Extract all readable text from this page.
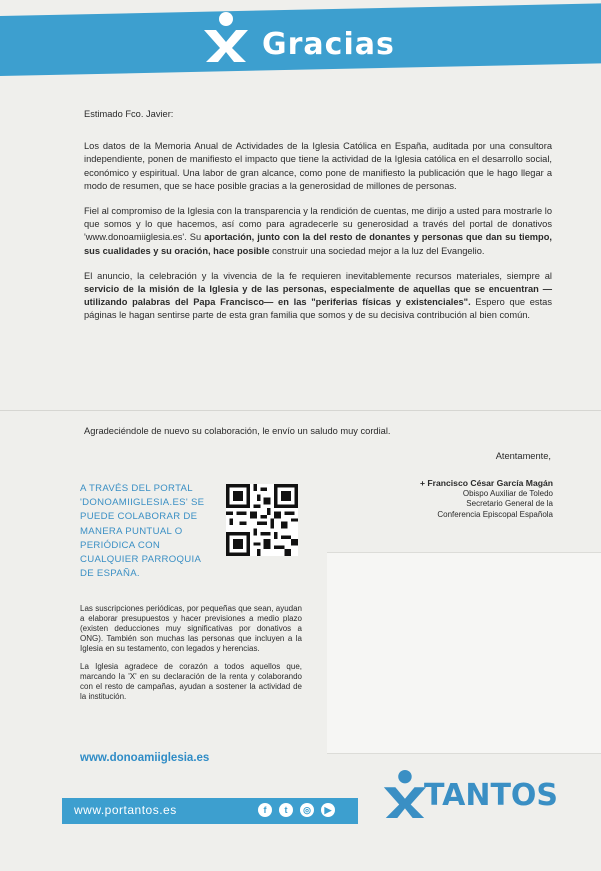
Gracias

Estimado Fco. Javier:

Los datos de la Memoria Anual de Actividades de la Iglesia Católica en España, auditada por una consultora independiente, ponen de manifiesto el impacto que tiene la actividad de la Iglesia católica en el desarrollo social, económico y espiritual. Una labor de gran alcance, como pone de manifiesto la publicación que le hago llegar a modo de resumen, que se hace posible gracias a la generosidad de millones de personas.

Fiel al compromiso de la Iglesia con la transparencia y la rendición de cuentas, me dirijo a usted para mostrarle lo que somos y lo que hacemos, así como para agradecerle su generosidad a través del portal de donativos 'www.donoamiiglesia.es'. Su aportación, junto con la del resto de donantes y personas que dan su tiempo, sus cualidades y su oración, hace posible construir una sociedad mejor a la luz del Evangelio.

El anuncio, la celebración y la vivencia de la fe requieren inevitablemente recursos materiales, siempre al servicio de la misión de la Iglesia y de las personas, especialmente de aquellas que se encuentran —utilizando palabras del Papa Francisco— en las "periferias físicas y existenciales". Espero que estas páginas le hagan sentirse parte de esta gran familia que somos y de su decisiva contribución al bien común.

Agradeciéndole de nuevo su colaboración, le envío un saludo muy cordial.
Atentamente,
+ Francisco César García Magán
Obispo Auxiliar de Toledo
Secretario General de la
Conferencia Episcopal Española
A TRAVÉS DEL PORTAL 'DONOAMIIGLESIA.ES' SE PUEDE COLABORAR DE MANERA PUNTUAL O PERIÓDICA CON CUALQUIER PARROQUIA DE ESPAÑA.

Las suscripciones periódicas, por pequeñas que sean, ayudan a elaborar presupuestos y hacer previsiones a medio plazo (existen deducciones muy significativas por donativos a ONG). También son muchas las personas que incluyen a la Iglesia en su testamento, con legados y herencias.

La Iglesia agradece de corazón a todos aquellos que, marcando la 'X' en su declaración de la renta y colaborando con el resto de campañas, ayudan a sostener la actividad de la institución.

www.donoamiiglesia.es
www.portantos.es	f	t	◎	▶	TANTOS
